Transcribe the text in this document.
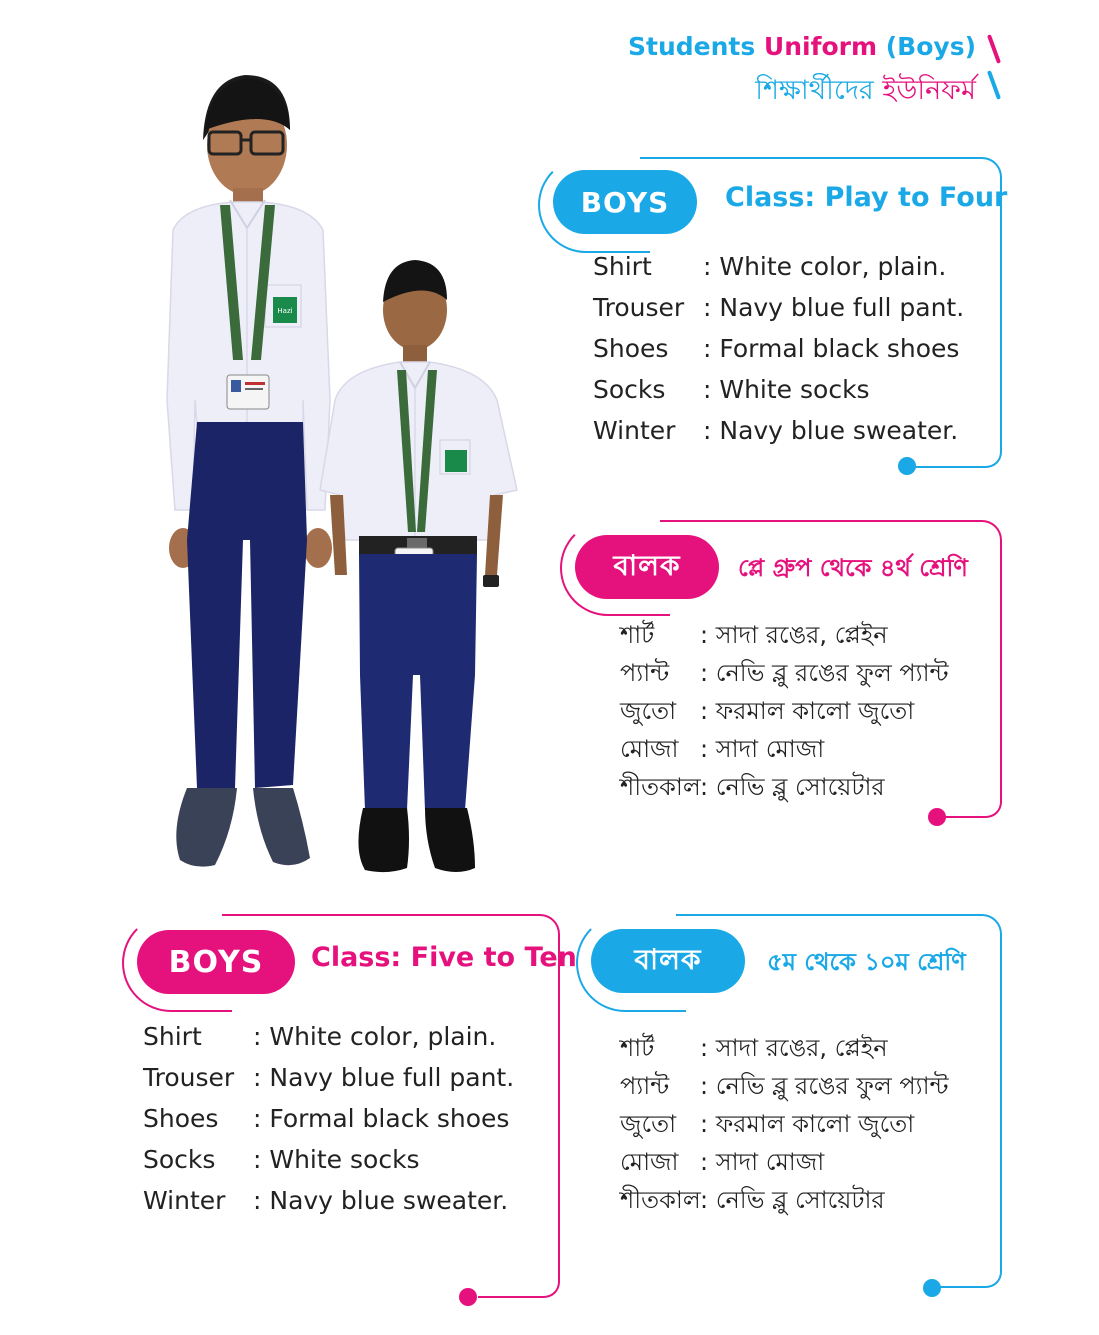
Students Uniform (Boys)
শিক্ষার্থীদের ইউনিফর্ম
Hazi
BOYS	Class: Play to Four
Shirt	: White color, plain.
Trouser : Navy blue full pant.
Shoes	: Formal black shoes
Socks	: White socks
Winter	: Navy blue sweater.
বালক	প্লে গ্রুপ থেকে ৪র্থ শ্রেণি
শার্ট	: সাদা রঙের, প্লেইন
প্যান্ট	: নেভি ব্লু রঙের ফুল প্যান্ট
জুতো : ফরমাল কালো জুতো
মোজা : সাদা মোজা
শীতকাল : নেভি ব্লু সোয়েটার
BOYS	Class: Five to Ten
Shirt	: White color, plain.
Trouser : Navy blue full pant.
Shoes	: Formal black shoes
Socks	: White socks
Winter	: Navy blue sweater.
বালক	৫ম থেকে ১০ম শ্রেণি
শার্ট	: সাদা রঙের, প্লেইন
প্যান্ট	: নেভি ব্লু রঙের ফুল প্যান্ট
জুতো : ফরমাল কালো জুতো
মোজা : সাদা মোজা
শীতকাল : নেভি ব্লু সোয়েটার
